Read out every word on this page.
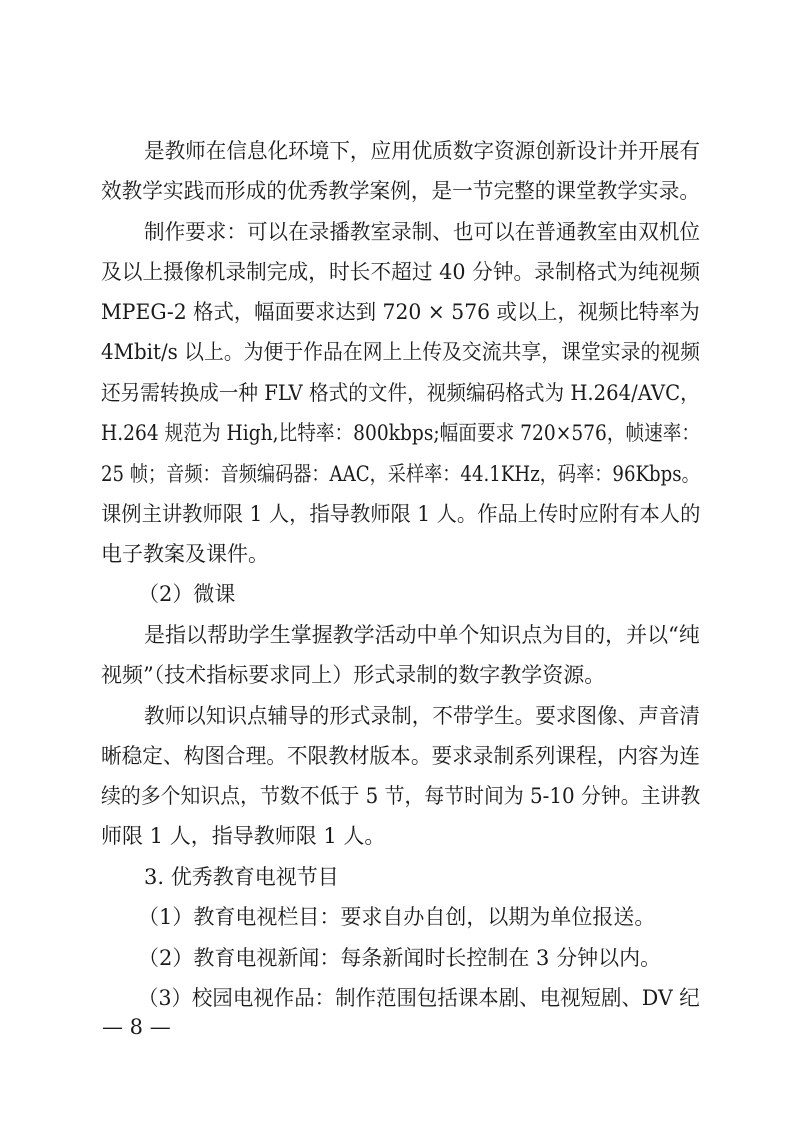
是教师在信息化环境下，应用优质数字资源创新设计并开展有
效教学实践而形成的优秀教学案例，是一节完整的课堂教学实录。
制作要求：可以在录播教室录制、也可以在普通教室由双机位
及以上摄像机录制完成，时长不超过 40 分钟。录制格式为纯视频
MPEG-2 格式，幅面要求达到 720 × 576 或以上，视频比特率为
4Mbit/s 以上。为便于作品在网上上传及交流共享，课堂实录的视频
还另需转换成一种 FLV 格式的文件，视频编码格式为 H.264/AVC，
H.264 规范为 High,比特率：800kbps;幅面要求 720×576，帧速率：
25 帧；音频：音频编码器：AAC，采样率：44.1KHz，码率：96Kbps。
课例主讲教师限 1 人，指导教师限 1 人。作品上传时应附有本人的
电子教案及课件。
（2）微课
是指以帮助学生掌握教学活动中单个知识点为目的，并以“纯
视频”（技术指标要求同上）形式录制的数字教学资源。
教师以知识点辅导的形式录制，不带学生。要求图像、声音清
晰稳定、构图合理。不限教材版本。要求录制系列课程，内容为连
续的多个知识点，节数不低于 5 节，每节时间为 5-10 分钟。主讲教
师限 1 人，指导教师限 1 人。
3. 优秀教育电视节目
（1）教育电视栏目：要求自办自创，以期为单位报送。
（2）教育电视新闻：每条新闻时长控制在 3 分钟以内。
（3）校园电视作品：制作范围包括课本剧、电视短剧、DV 纪
— 8 —
